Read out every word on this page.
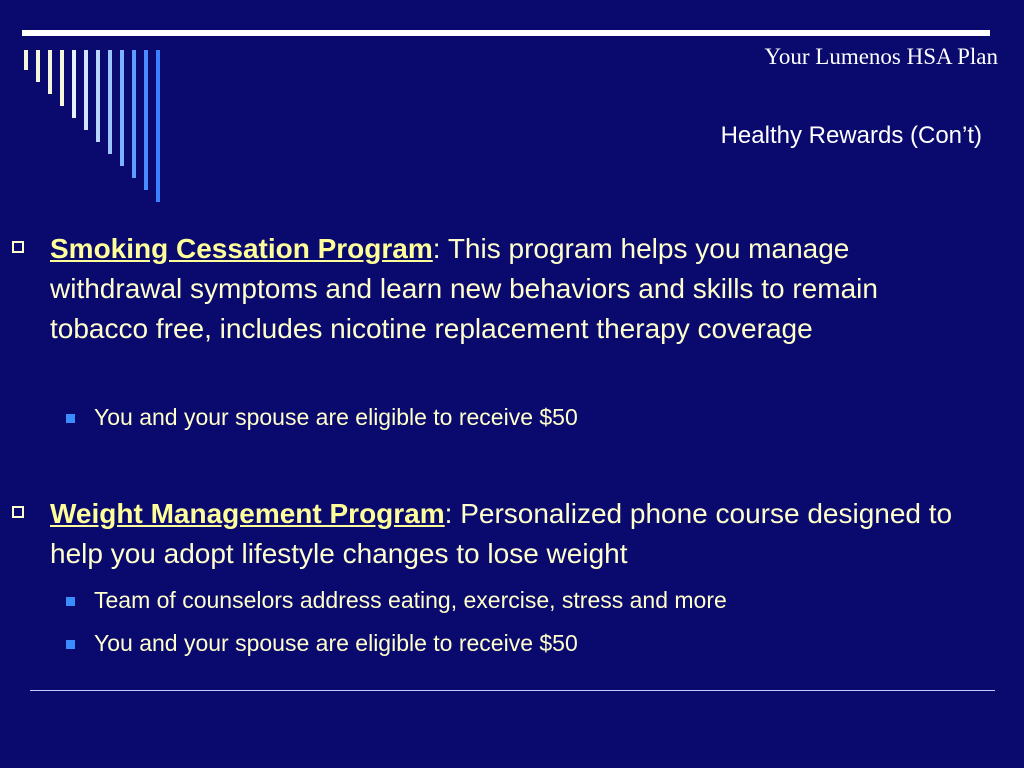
Your Lumenos HSA Plan
Healthy Rewards (Con’t)
Smoking Cessation Program: This program helps you manage withdrawal symptoms and learn new behaviors and skills to remain tobacco free, includes nicotine replacement therapy coverage
You and your spouse are eligible to receive $50
Weight Management Program: Personalized phone course designed to help you adopt lifestyle changes to lose weight
Team of counselors address eating, exercise, stress and more
You and your spouse are eligible to receive $50
